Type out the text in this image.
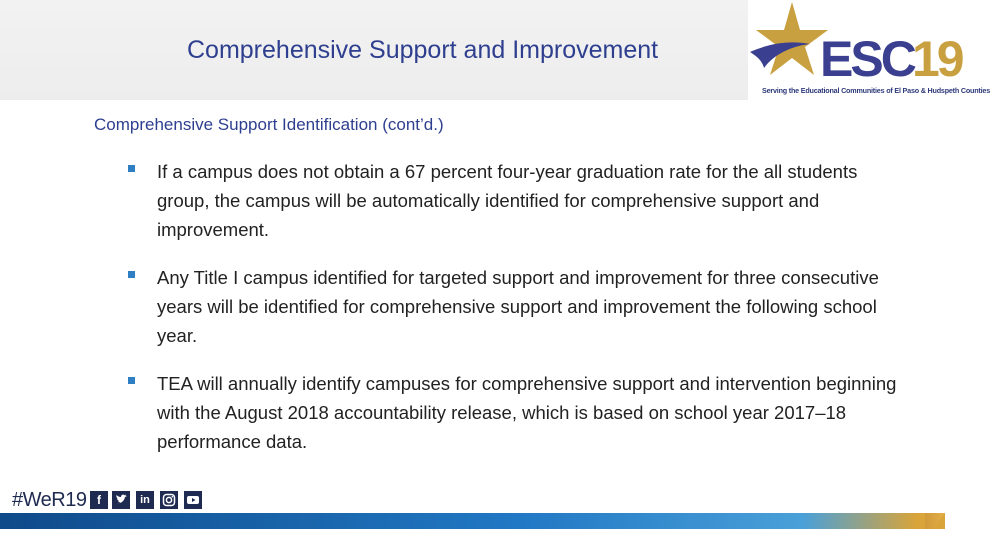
Comprehensive Support and Improvement	ESC
19
Serving the Educational Communities of El Paso & Hudspeth Counties
Comprehensive Support Identification (cont’d.)
If a campus does not obtain a 67 percent four-year graduation rate for the all students group, the campus will be automatically identified for comprehensive support and improvement.
Any Title I campus identified for targeted support and improvement for three consecutive years will be identified for comprehensive support and improvement the following school year.
TEA will annually identify campuses for comprehensive support and intervention beginning with the August 2018 accountability release, which is based on school year 2017–18 performance data.
#WeR19 f	in
